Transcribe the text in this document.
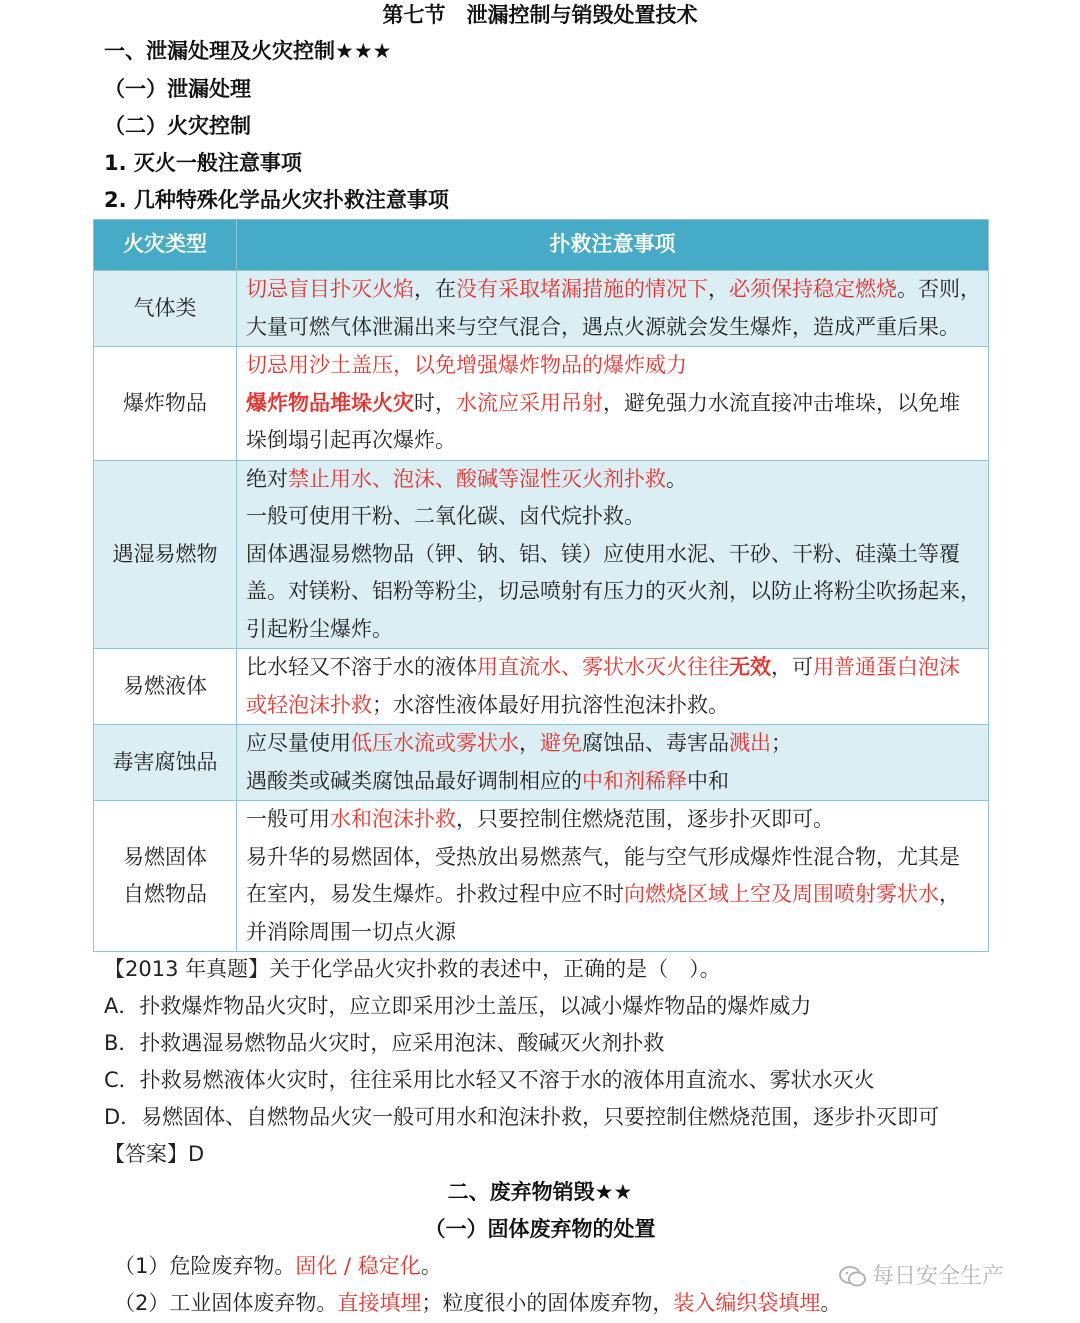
第七节　泄漏控制与销毁处置技术
一、泄漏处理及火灾控制★★★
（一）泄漏处理
（二）火灾控制
1. 灭火一般注意事项
2. 几种特殊化学品火灾扑救注意事项
火灾类型	扑救注意事项

气体类	切忌盲目扑灭火焰，在没有采取堵漏措施的情况下，必须保持稳定燃烧。否则，
大量可燃气体泄漏出来与空气混合，遇点火源就会发生爆炸，造成严重后果。

爆炸物品	切忌用沙土盖压，以免增强爆炸物品的爆炸威力
爆炸物品堆垛火灾时，水流应采用吊射，避免强力水流直接冲击堆垛，以免堆
垛倒塌引起再次爆炸。

遇湿易燃物	绝对禁止用水、泡沫、酸碱等湿性灭火剂扑救。
一般可使用干粉、二氧化碳、卤代烷扑救。
固体遇湿易燃物品（钾、钠、铝、镁）应使用水泥、干砂、干粉、硅藻土等覆
盖。对镁粉、铝粉等粉尘，切忌喷射有压力的灭火剂，以防止将粉尘吹扬起来，
引起粉尘爆炸。

易燃液体	比水轻又不溶于水的液体用直流水、雾状水灭火往往无效，可用普通蛋白泡沫
或轻泡沫扑救；水溶性液体最好用抗溶性泡沫扑救。

毒害腐蚀品	应尽量使用低压水流或雾状水，避免腐蚀品、毒害品溅出；
遇酸类或碱类腐蚀品最好调制相应的中和剂稀释中和

易燃固体
自燃物品	一般可用水和泡沫扑救，只要控制住燃烧范围，逐步扑灭即可。
易升华的易燃固体，受热放出易燃蒸气，能与空气形成爆炸性混合物，尤其是
在室内，易发生爆炸。扑救过程中应不时向燃烧区域上空及周围喷射雾状水，
并消除周围一切点火源
【2013 年真题】关于化学品火灾扑救的表述中，正确的是（　）。
A．扑救爆炸物品火灾时，应立即采用沙土盖压，以减小爆炸物品的爆炸威力
B．扑救遇湿易燃物品火灾时，应采用泡沫、酸碱灭火剂扑救
C．扑救易燃液体火灾时，往往采用比水轻又不溶于水的液体用直流水、雾状水灭火
D．易燃固体、自燃物品火灾一般可用水和泡沫扑救，只要控制住燃烧范围，逐步扑灭即可
【答案】D
二、废弃物销毁★★
（一）固体废弃物的处置
（1）危险废弃物。固化 / 稳定化。
（2）工业固体废弃物。直接填埋；粒度很小的固体废弃物，装入编织袋填埋。
每日安全生产
